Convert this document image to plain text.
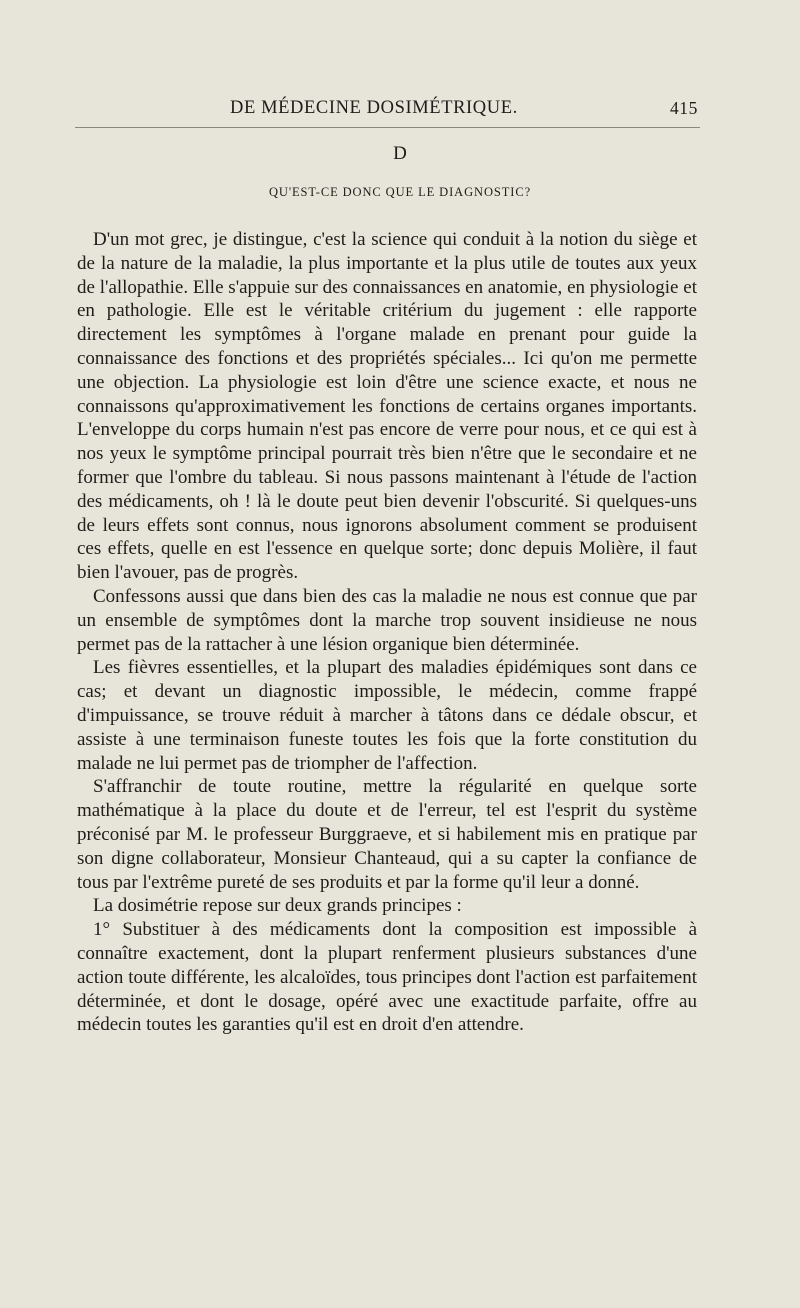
DE MÉDECINE DOSIMÉTRIQUE.	415
D
QU'EST-CE DONC QUE LE DIAGNOSTIC?

D'un mot grec, je distingue, c'est la science qui conduit à la notion du siège et de la nature de la maladie, la plus importante et la plus utile de toutes aux yeux de l'allopathie. Elle s'appuie sur des connaissances en anatomie, en physiologie et en pathologie. Elle est le véritable critérium du jugement : elle rapporte directement les symptômes à l'organe malade en prenant pour guide la connaissance des fonctions et des propriétés spéciales... Ici qu'on me permette une objection. La physiologie est loin d'être une science exacte, et nous ne connaissons qu'approximativement les fonctions de certains organes importants. L'enveloppe du corps humain n'est pas encore de verre pour nous, et ce qui est à nos yeux le symptôme principal pourrait très bien n'être que le secondaire et ne former que l'ombre du tableau. Si nous passons maintenant à l'étude de l'action des médicaments, oh ! là le doute peut bien devenir l'obscurité. Si quelques-uns de leurs effets sont connus, nous ignorons absolument comment se produisent ces effets, quelle en est l'essence en quelque sorte; donc depuis Molière, il faut bien l'avouer, pas de progrès.

Confessons aussi que dans bien des cas la maladie ne nous est connue que par un ensemble de symptômes dont la marche trop souvent insidieuse ne nous permet pas de la rattacher à une lésion organique bien déterminée.

Les fièvres essentielles, et la plupart des maladies épidémiques sont dans ce cas; et devant un diagnostic impossible, le médecin, comme frappé d'impuissance, se trouve réduit à marcher à tâtons dans ce dédale obscur, et assiste à une terminaison funeste toutes les fois que la forte constitution du malade ne lui permet pas de triompher de l'affection.

S'affranchir de toute routine, mettre la régularité en quelque sorte mathématique à la place du doute et de l'erreur, tel est l'esprit du système préconisé par M. le professeur Burggraeve, et si habilement mis en pratique par son digne collaborateur, Monsieur Chanteaud, qui a su capter la confiance de tous par l'extrême pureté de ses produits et par la forme qu'il leur a donné.

La dosimétrie repose sur deux grands principes :

1° Substituer à des médicaments dont la composition est impossible à connaître exactement, dont la plupart renferment plusieurs substances d'une action toute différente, les alcaloïdes, tous principes dont l'action est parfaitement déterminée, et dont le dosage, opéré avec une exactitude parfaite, offre au médecin toutes les garanties qu'il est en droit d'en attendre.
